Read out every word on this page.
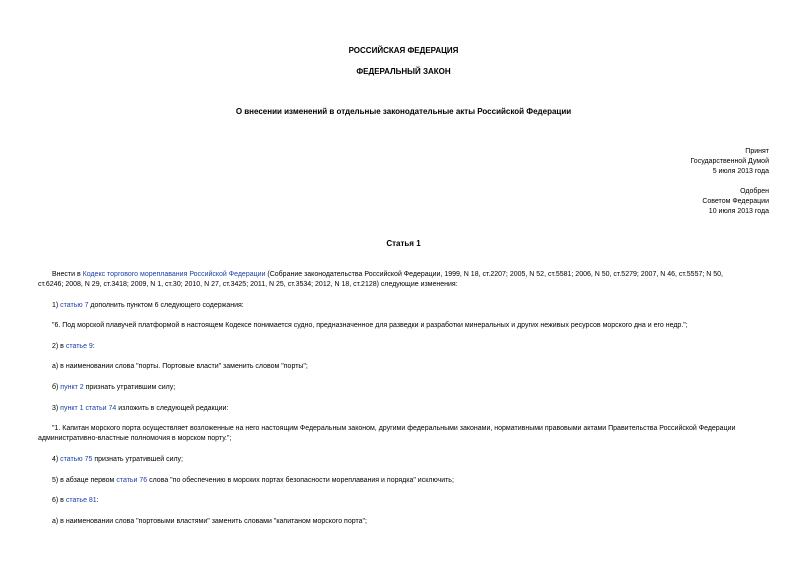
РОССИЙСКАЯ ФЕДЕРАЦИЯ
ФЕДЕРАЛЬНЫЙ ЗАКОН
О внесении изменений в отдельные законодательные акты Российской Федерации
Принят
Государственной Думой
5 июля 2013 года
Одобрен
Советом Федерации
10 июля 2013 года
Статья 1
Внести в Кодекс торгового мореплавания Российской Федерации (Собрание законодательства Российской Федерации, 1999, N 18, ст.2207; 2005, N 52, ст.5581; 2006, N 50, ст.5279; 2007, N 46, ст.5557; N 50,
ст.6246; 2008, N 29, ст.3418; 2009, N 1, ст.30; 2010, N 27, ст.3425; 2011, N 25, ст.3534; 2012, N 18, ст.2128) следующие изменения:
1) статью 7 дополнить пунктом 6 следующего содержания:
"6. Под морской плавучей платформой в настоящем Кодексе понимается судно, предназначенное для разведки и разработки минеральных и других неживых ресурсов морского дна и его недр.";
2) в статье 9:
а) в наименовании слова "порты. Портовые власти" заменить словом "порты";
б) пункт 2 признать утратившим силу;
3) пункт 1 статьи 74 изложить в следующей редакции:
"1. Капитан морского порта осуществляет возложенные на него настоящим Федеральным законом, другими федеральными законами, нормативными правовыми актами Правительства Российской Федерации
административно-властные полномочия в морском порту.";
4) статью 75 признать утратившей силу;
5) в абзаце первом статьи 76 слова "по обеспечению в морских портах безопасности мореплавания и порядка" исключить;
6) в статье 81:
а) в наименовании слова "портовыми властями" заменить словами "капитаном морского порта";
